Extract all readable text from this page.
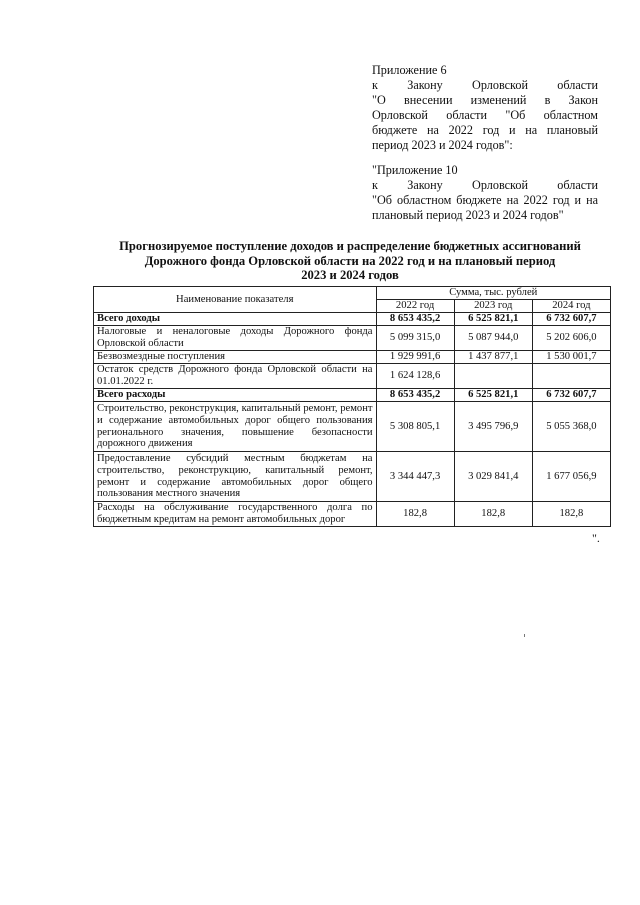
Приложение 6
к Закону Орловской области
"О внесении изменений в Закон
Орловской области "Об областном
бюджете на 2022 год и на плановый
период 2023 и 2024 годов":
"Приложение 10
к Закону Орловской области
"Об областном бюджете на 2022 год и на
плановый период 2023 и 2024 годов"
Прогнозируемое поступление доходов и распределение бюджетных ассигнований
Дорожного фонда Орловской области на 2022 год и на плановый период
2023 и 2024 годов
Наименование показателя	Сумма, тыс. рублей		
	2022 год	2023 год	2024 год
Всего доходы	8 653 435,2	6 525 821,1	6 732 607,7
Налоговые и неналоговые доходы Дорожного фонда Орловской области	5 099 315,0	5 087 944,0	5 202 606,0
Безвозмездные поступления	1 929 991,6	1 437 877,1	1 530 001,7
Остаток средств Дорожного фонда Орловской области на 01.01.2022 г.	1 624 128,6		
Всего расходы	8 653 435,2	6 525 821,1	6 732 607,7
Строительство, реконструкция, капитальный ремонт, ремонт и содержание автомобильных дорог общего пользования регионального значения, повышение безопасности дорожного движения	5 308 805,1	3 495 796,9	5 055 368,0
Предоставление субсидий местным бюджетам на строительство, реконструкцию, капитальный ремонт, ремонт и содержание автомобильных дорог общего пользования местного значения	3 344 447,3	3 029 841,4	1 677 056,9
Расходы на обслуживание государственного долга по бюджетным кредитам на ремонт автомобильных дорог	182,8	182,8	182,8
".
